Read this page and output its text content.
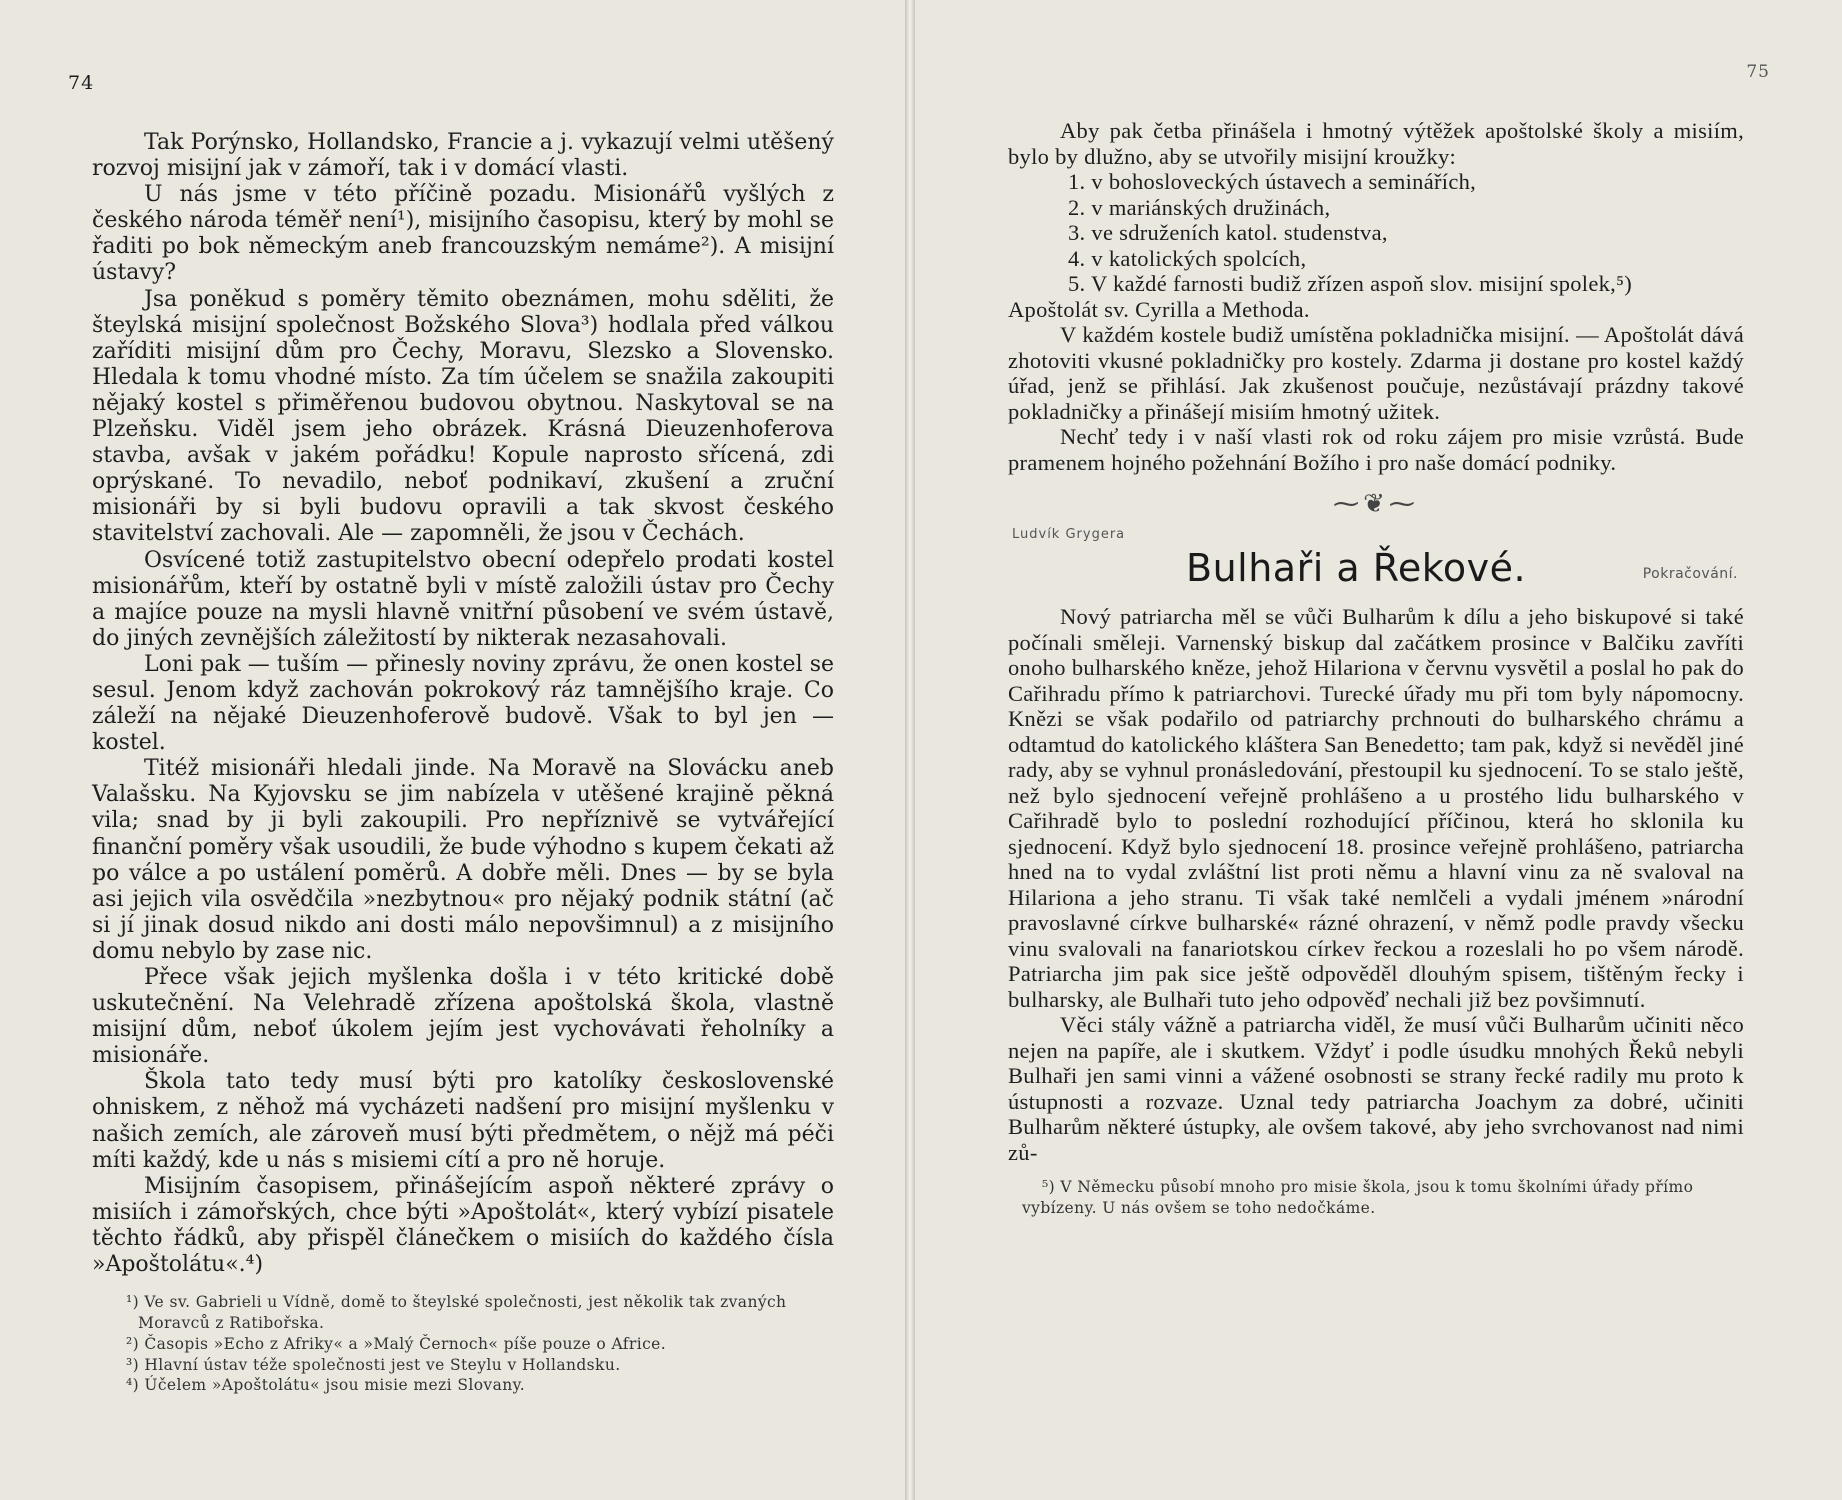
74

Tak Porýnsko, Hollandsko, Francie a j. vykazují velmi utěšený rozvoj misijní jak v zámoří, tak i v domácí vlasti.

U nás jsme v této příčině pozadu. Misionářů vyšlých z českého národa téměř není¹), misijního časopisu, který by mohl se řaditi po bok německým aneb francouzským nemáme²). A misijní ústavy?

Jsa poněkud s poměry těmito obeznámen, mohu sděliti, že šteylská misijní společnost Božského Slova³) hodlala před válkou zaříditi misijní dům pro Čechy, Moravu, Slezsko a Slovensko. Hledala k tomu vhodné místo. Za tím účelem se snažila zakoupiti nějaký kostel s přiměřenou budovou obytnou. Naskytoval se na Plzeňsku. Viděl jsem jeho obrázek. Krásná Dieuzenhoferova stavba, avšak v jakém pořádku! Kopule naprosto sřícená, zdi oprýskané. To nevadilo, neboť podnikaví, zkušení a zruční misionáři by si byli budovu opravili a tak skvost českého stavitelství zachovali. Ale — zapomněli, že jsou v Čechách.

Osvícené totiž zastupitelstvo obecní odepřelo prodati kostel misionářům, kteří by ostatně byli v místě založili ústav pro Čechy a majíce pouze na mysli hlavně vnitřní působení ve svém ústavě, do jiných zevnějších záležitostí by nikterak nezasahovali.

Loni pak — tuším — přinesly noviny zprávu, že onen kostel se sesul. Jenom když zachován pokrokový ráz tamnějšího kraje. Co záleží na nějaké Dieuzenhoferově budově. Však to byl jen — kostel.

Titéž misionáři hledali jinde. Na Moravě na Slovácku aneb Valašsku. Na Kyjovsku se jim nabízela v utěšené krajině pěkná vila; snad by ji byli zakoupili. Pro nepříznivě se vytvářející finanční poměry však usoudili, že bude výhodno s kupem čekati až po válce a po ustálení poměrů. A dobře měli. Dnes — by se byla asi jejich vila osvědčila »nezbytnou« pro nějaký podnik státní (ač si jí jinak dosud nikdo ani dosti málo nepovšimnul) a z misijního domu nebylo by zase nic.

Přece však jejich myšlenka došla i v této kritické době uskutečnění. Na Velehradě zřízena apoštolská škola, vlastně misijní dům, neboť úkolem jejím jest vychovávati řeholníky a misionáře.

Škola tato tedy musí býti pro katolíky československé ohniskem, z něhož má vycházeti nadšení pro misijní myšlenku v našich zemích, ale zároveň musí býti předmětem, o nějž má péči míti každý, kde u nás s misiemi cítí a pro ně horuje.

Misijním časopisem, přinášejícím aspoň některé zprávy o misiích i zámořských, chce býti »Apoštolát«, který vybízí pisatele těchto řádků, aby přispěl článečkem o misiích do každého čísla »Apoštolátu«.⁴)

¹) Ve sv. Gabrieli u Vídně, domě to šteylské společnosti, jest několik tak zvaných Moravců z Ratibořska.

²) Časopis »Echo z Afriky« a »Malý Černoch« píše pouze o Africe.

³) Hlavní ústav téže společnosti jest ve Steylu v Hollandsku.

⁴) Účelem »Apoštolátu« jsou misie mezi Slovany.

75

Aby pak četba přinášela i hmotný výtěžek apoštolské školy a misiím, bylo by dlužno, aby se utvořily misijní kroužky:

1. v bohosloveckých ústavech a seminářích,

2. v mariánských družinách,

3. ve sdruženích katol. studenstva,

4. v katolických spolcích,

5. V každé farnosti budiž zřízen aspoň slov. misijní spolek,⁵)

Apoštolát sv. Cyrilla a Methoda.

V každém kostele budiž umístěna pokladnička misijní. — Apoštolát dává zhotoviti vkusné pokladničky pro kostely. Zdarma ji dostane pro kostel každý úřad, jenž se přihlásí. Jak zkušenost poučuje, nezůstávají prázdny takové pokladničky a přinášejí misiím hmotný užitek.

Nechť tedy i v naší vlasti rok od roku zájem pro misie vzrůstá. Bude pramenem hojného požehnání Božího i pro naše domácí podniky.

⁓❦⁓
Ludvík Grygera
Bulhaři a Řekové.	Pokračování.

Nový patriarcha měl se vůči Bulharům k dílu a jeho biskupové si také počínali směleji. Varnenský biskup dal začátkem prosince v Balčiku zavříti onoho bulharského kněze, jehož Hilariona v červnu vysvětil a poslal ho pak do Cařihradu přímo k patriarchovi. Turecké úřady mu při tom byly nápomocny. Knězi se však podařilo od patriarchy prchnouti do bulharského chrámu a odtamtud do katolického kláštera San Benedetto; tam pak, když si nevěděl jiné rady, aby se vyhnul pronásledování, přestoupil ku sjednocení. To se stalo ještě, než bylo sjednocení veřejně prohlášeno a u prostého lidu bulharského v Cařihradě bylo to poslední rozhodující příčinou, která ho sklonila ku sjednocení. Když bylo sjednocení 18. prosince veřejně prohlášeno, patriarcha hned na to vydal zvláštní list proti němu a hlavní vinu za ně svaloval na Hilariona a jeho stranu. Ti však také nemlčeli a vydali jménem »národní pravoslavné církve bulharské« rázné ohrazení, v němž podle pravdy všecku vinu svalovali na fanariotskou církev řeckou a rozeslali ho po všem národě. Patriarcha jim pak sice ještě odpověděl dlouhým spisem, tištěným řecky i bulharsky, ale Bulhaři tuto jeho odpověď nechali již bez povšimnutí.

Věci stály vážně a patriarcha viděl, že musí vůči Bulharům učiniti něco nejen na papíře, ale i skutkem. Vždyť i podle úsudku mnohých Řeků nebyli Bulhaři jen sami vinni a vážené osobnosti se strany řecké radily mu proto k ústupnosti a rozvaze. Uznal tedy patriarcha Joachym za dobré, učiniti Bulharům některé ústupky, ale ovšem takové, aby jeho svrchovanost nad nimi zů-

⁵) V Německu působí mnoho pro misie škola, jsou k tomu školními úřady přímo vybízeny. U nás ovšem se toho nedočkáme.
